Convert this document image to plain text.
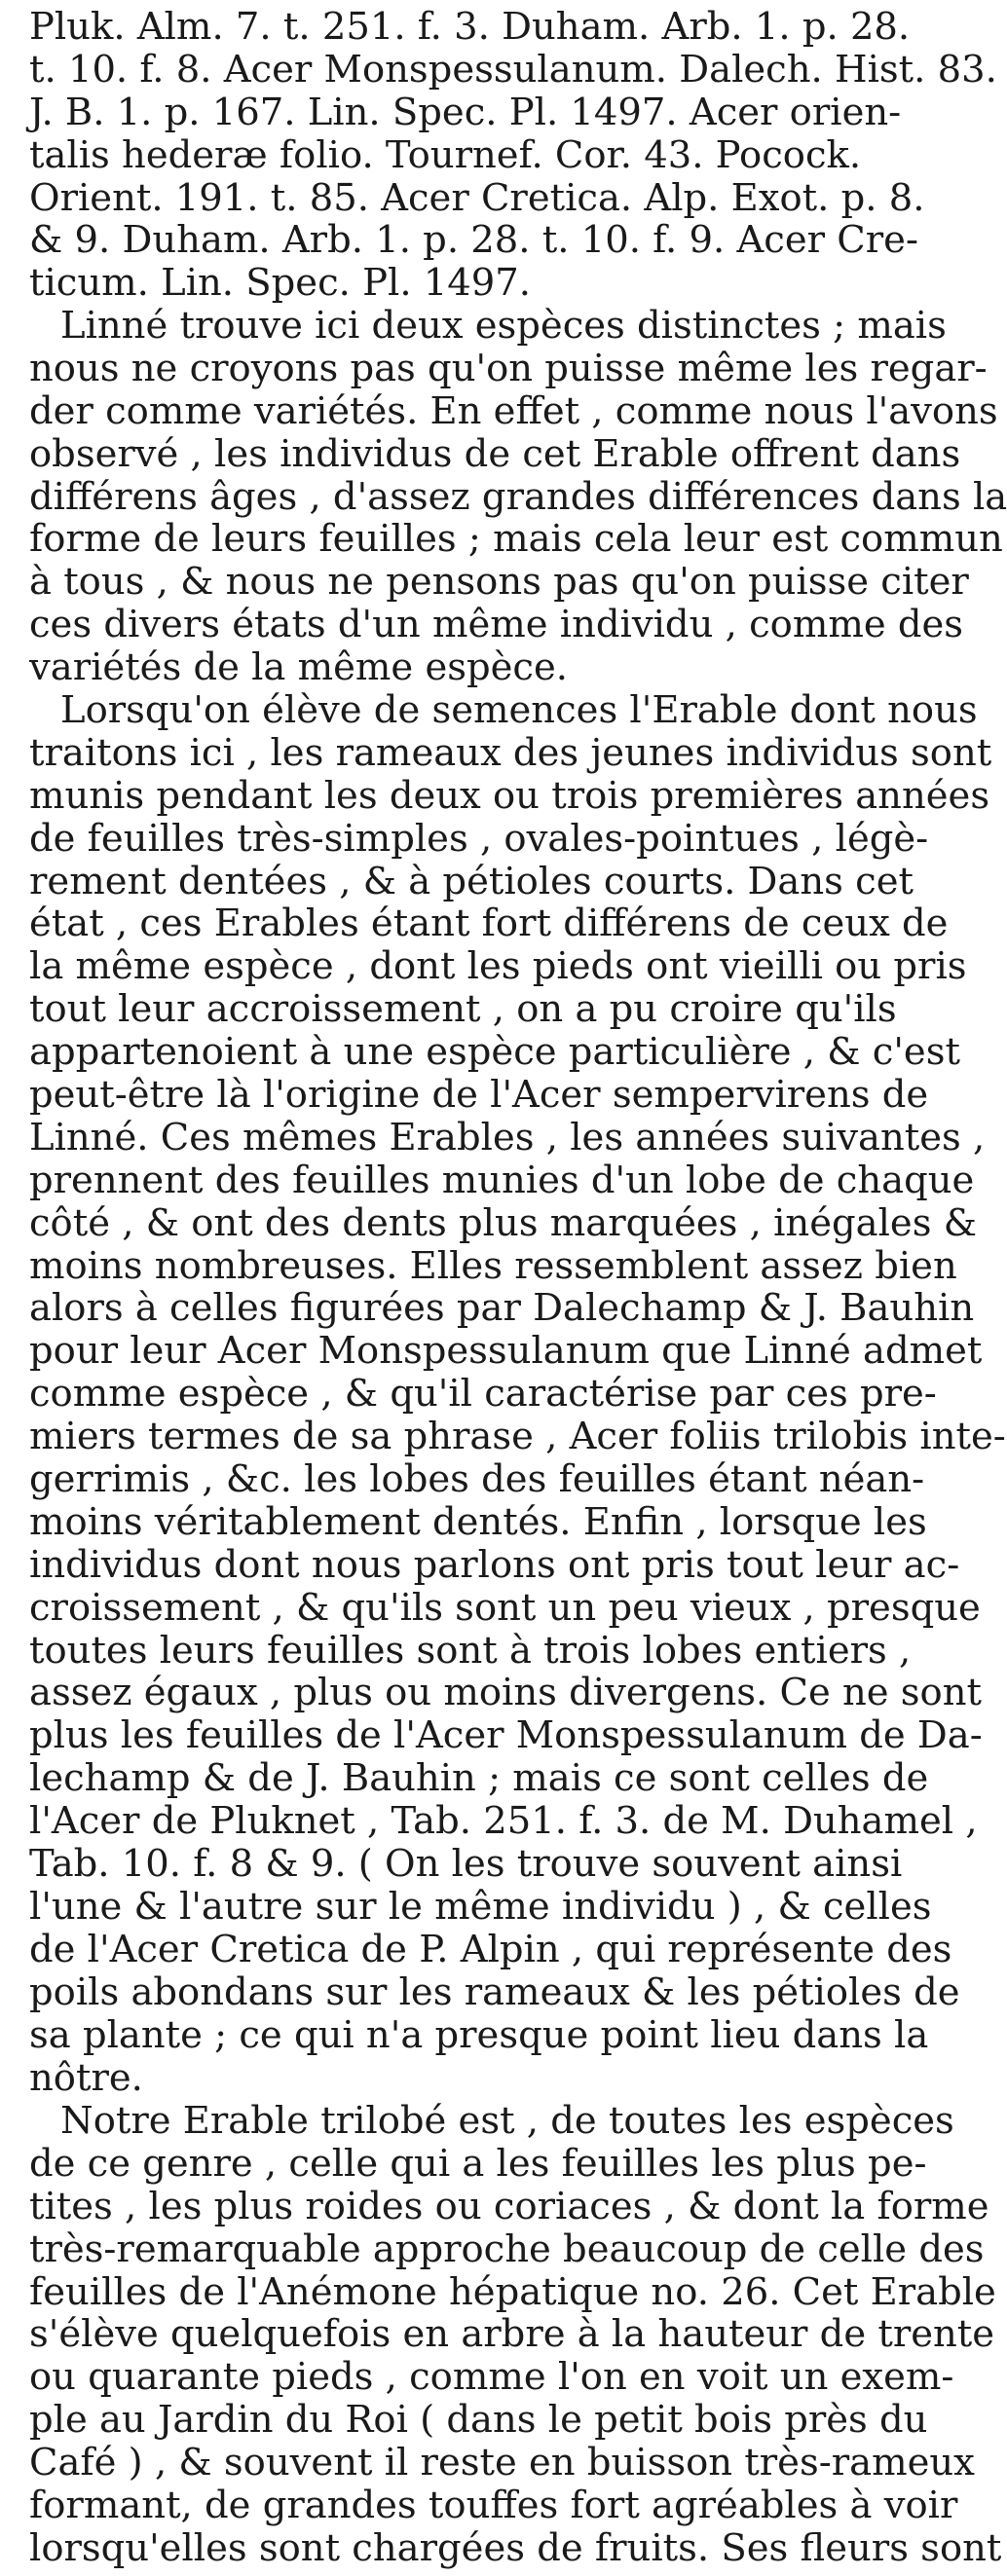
Pluk. Alm. 7. t. 251. f. 3. Duham. Arb. 1. p. 28.
t. 10. f. 8. Acer Monspessulanum. Dalech. Hist. 83.
J. B. 1. p. 167. Lin. Spec. Pl. 1497. Acer orien-
talis hederæ folio. Tournef. Cor. 43. Pocock.
Orient. 191. t. 85. Acer Cretica. Alp. Exot. p. 8.
& 9. Duham. Arb. 1. p. 28. t. 10. f. 9. Acer Cre-
ticum. Lin. Spec. Pl. 1497.
Linné trouve ici deux espèces distinctes ; mais
nous ne croyons pas qu'on puisse même les regar-
der comme variétés. En effet , comme nous l'avons
observé , les individus de cet Erable offrent dans
différens âges , d'assez grandes différences dans la
forme de leurs feuilles ; mais cela leur est commun
à tous , & nous ne pensons pas qu'on puisse citer
ces divers états d'un même individu , comme des
variétés de la même espèce.
Lorsqu'on élève de semences l'Erable dont nous
traitons ici , les rameaux des jeunes individus sont
munis pendant les deux ou trois premières années
de feuilles très-simples , ovales-pointues , légè-
rement dentées , & à pétioles courts. Dans cet
état , ces Erables étant fort différens de ceux de
la même espèce , dont les pieds ont vieilli ou pris
tout leur accroissement , on a pu croire qu'ils
appartenoient à une espèce particulière , & c'est
peut-être là l'origine de l'Acer sempervirens de
Linné. Ces mêmes Erables , les années suivantes ,
prennent des feuilles munies d'un lobe de chaque
côté , & ont des dents plus marquées , inégales &
moins nombreuses. Elles ressemblent assez bien
alors à celles figurées par Dalechamp & J. Bauhin
pour leur Acer Monspessulanum que Linné admet
comme espèce , & qu'il caractérise par ces pre-
miers termes de sa phrase , Acer foliis trilobis inte-
gerrimis , &c. les lobes des feuilles étant néan-
moins véritablement dentés. Enfin , lorsque les
individus dont nous parlons ont pris tout leur ac-
croissement , & qu'ils sont un peu vieux , presque
toutes leurs feuilles sont à trois lobes entiers ,
assez égaux , plus ou moins divergens. Ce ne sont
plus les feuilles de l'Acer Monspessulanum de Da-
lechamp & de J. Bauhin ; mais ce sont celles de
l'Acer de Pluknet , Tab. 251. f. 3. de M. Duhamel ,
Tab. 10. f. 8 & 9. ( On les trouve souvent ainsi
l'une & l'autre sur le même individu ) , & celles
de l'Acer Cretica de P. Alpin , qui représente des
poils abondans sur les rameaux & les pétioles de
sa plante ; ce qui n'a presque point lieu dans la
nôtre.
Notre Erable trilobé est , de toutes les espèces
de ce genre , celle qui a les feuilles les plus pe-
tites , les plus roides ou coriaces , & dont la forme
très-remarquable approche beaucoup de celle des
feuilles de l'Anémone hépatique no. 26. Cet Erable
s'élève quelquefois en arbre à la hauteur de trente
ou quarante pieds , comme l'on en voit un exem-
ple au Jardin du Roi ( dans le petit bois près du
Café ) , & souvent il reste en buisson très-rameux
formant, de grandes touffes fort agréables à voir
lorsqu'elles sont chargées de fruits. Ses fleurs sont
